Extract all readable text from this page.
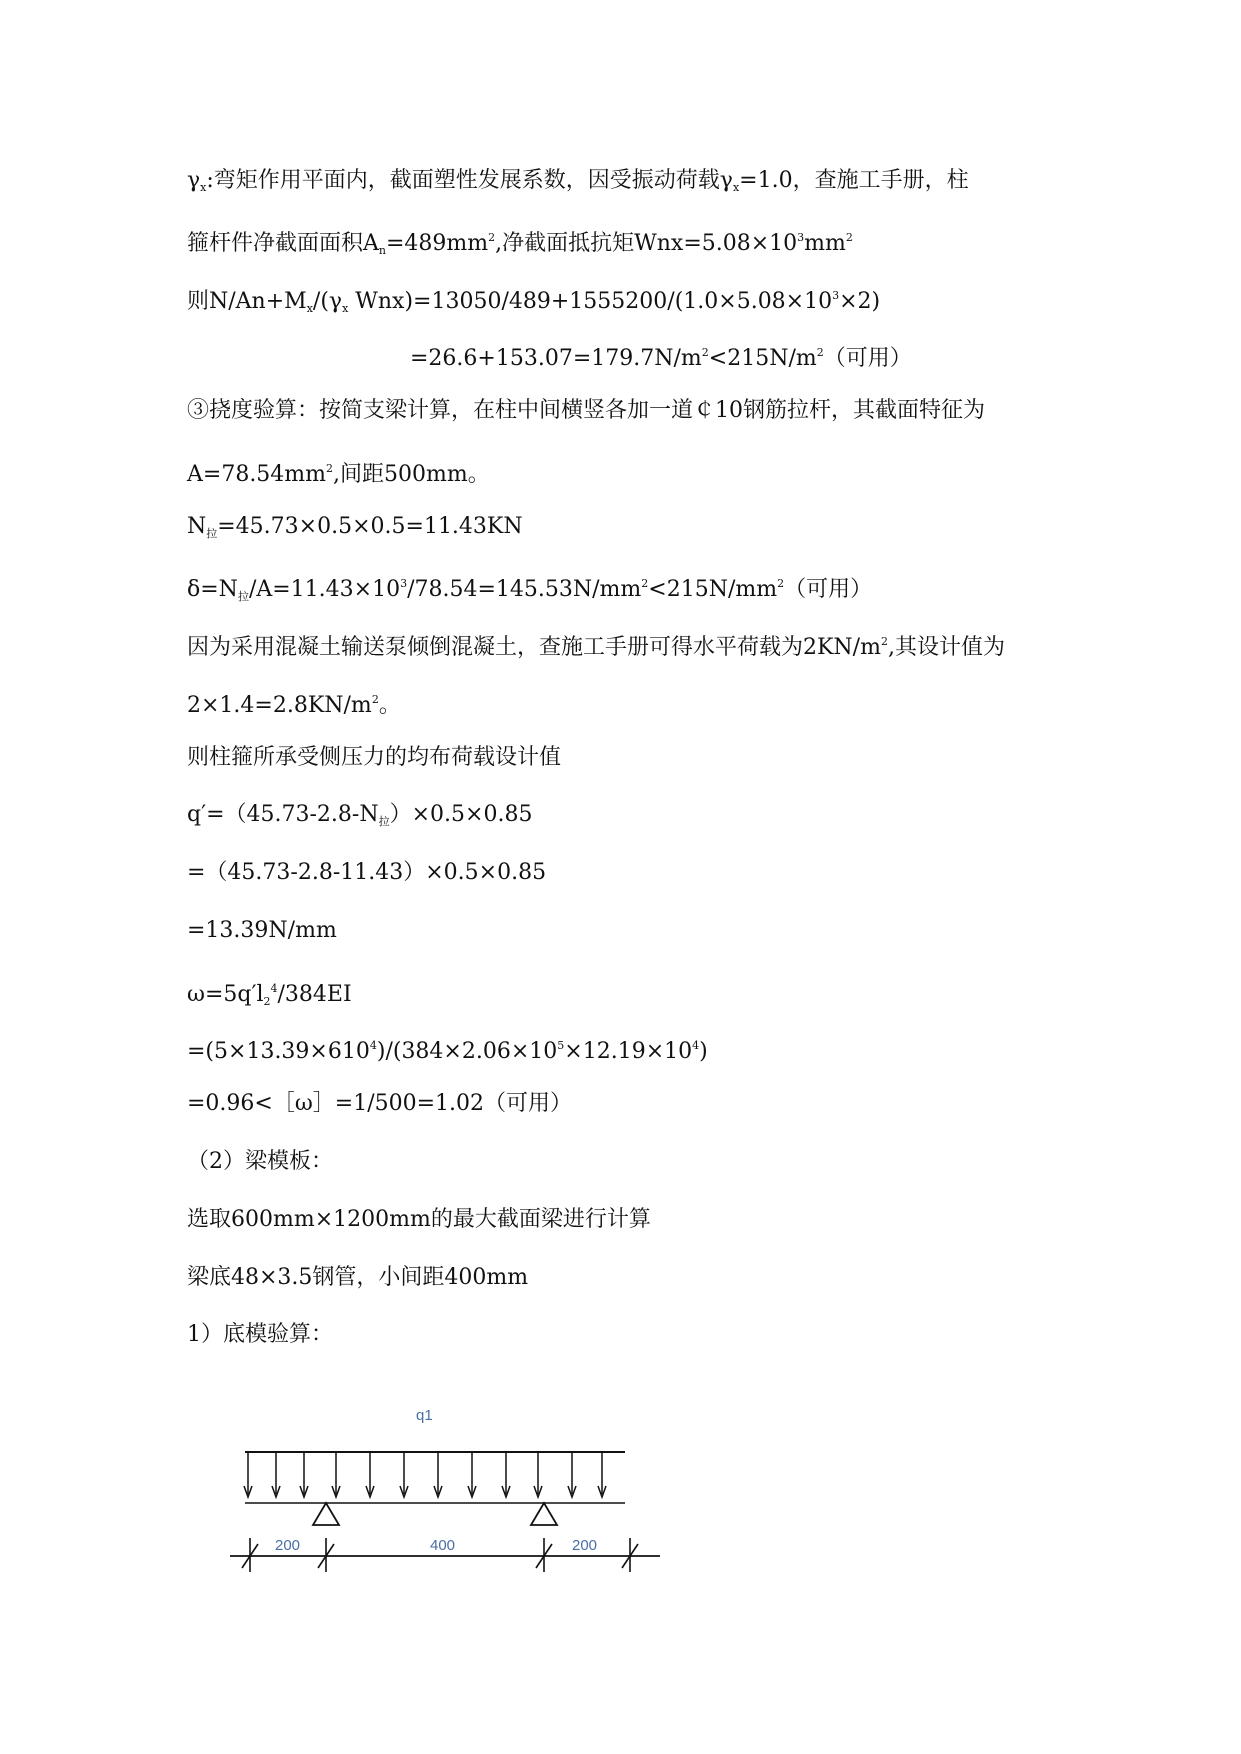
$\gamma_x$:弯矩作用平面内，截面塑性发展系数，因受振动荷载$\gamma_x=1.0$，查施工手册，柱
箍杆件净截面面积$A_n=489mm^2$,净截面抵抗矩$Wnx=5.08\times 10^3mm^2$
则$N/An+M_x/(\gamma_x$ $Wnx)=13050/489+1555200/(1.0\times 5.08\times 10^3\times 2)$
$=26.6+153.07=179.7N/m^2<215N/m^2$（可用）
③挠度验算：按简支梁计算，在柱中间横竖各加一道￠10钢筋拉杆，其截面特征为
$A=78.54mm^2$,间距500mm。
$N_拉=45.73\times 0.5\times 0.5=11.43KN$
$\delta=N_拉/A=11.43\times 10^3/78.54=145.53N/mm^2<215N/mm^2$（可用）
因为采用混凝土输送泵倾倒混凝土，查施工手册可得水平荷载为$2KN/m^2$,其设计值为
$2\times 1.4=2.8KN/m^2$。
则柱箍所承受侧压力的均布荷载设计值
$q'=(45.73-2.8-N_拉)\times 0.5\times 0.85$
=（45.73-2.8-11.43）×0.5×0.85
=13.39N/mm
$\omega=5q'l_2^4/384EI$
$=(5\times 13.39\times 610^4)/(384\times 2.06\times 10^5\times 12.19\times 10^4)$
=0.96<［ω］=1/500=1.02（可用）
（2）梁模板：
选取600mm×1200mm的最大截面梁进行计算
梁底48×3.5钢管，小间距400mm
1）底模验算：
q1
200	400	200
